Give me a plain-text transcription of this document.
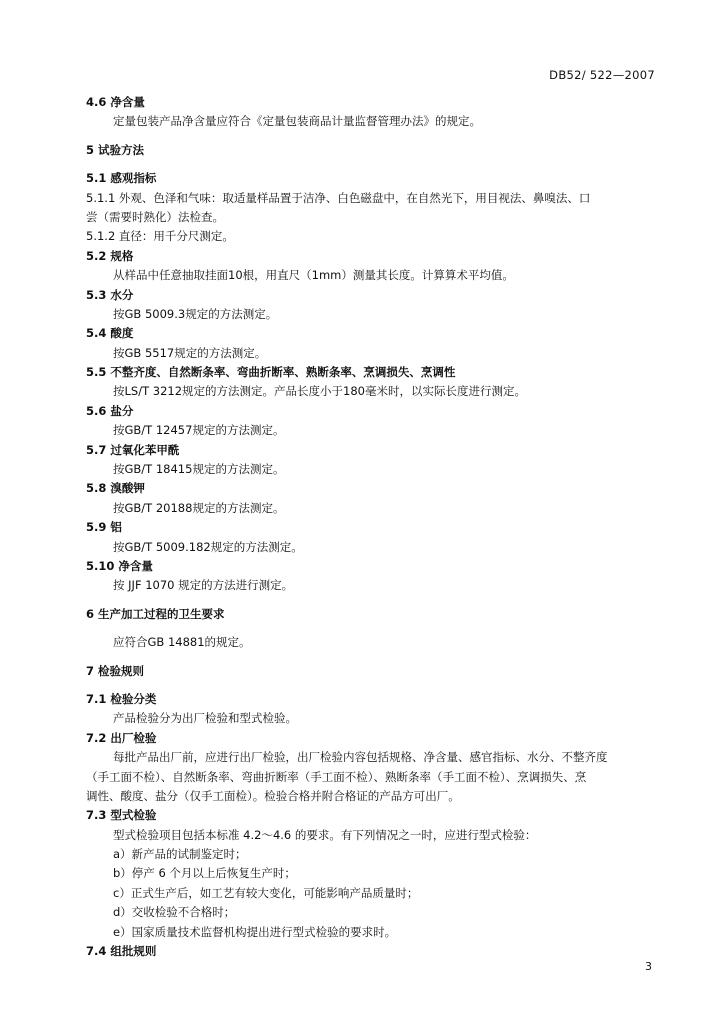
DB52/ 522—2007
4.6 净含量
定量包装产品净含量应符合《定量包装商品计量监督管理办法》的规定。
5 试验方法
5.1 感观指标
5.1.1 外观、色泽和气味：取适量样品置于洁净、白色磁盘中，在自然光下，用目视法、鼻嗅法、口
尝（需要时熟化）法检查。
5.1.2 直径：用千分尺测定。
5.2 规格
从样品中任意抽取挂面10根，用直尺（1mm）测量其长度。计算算术平均值。
5.3 水分
按GB 5009.3规定的方法测定。
5.4 酸度
按GB 5517规定的方法测定。
5.5 不整齐度、自然断条率、弯曲折断率、熟断条率、烹调损失、烹调性
按LS/T 3212规定的方法测定。产品长度小于180毫米时，以实际长度进行测定。
5.6 盐分
按GB/T 12457规定的方法测定。
5.7 过氧化苯甲酰
按GB/T 18415规定的方法测定。
5.8 溴酸钾
按GB/T 20188规定的方法测定。
5.9 铝
按GB/T 5009.182规定的方法测定。
5.10 净含量
按 JJF 1070 规定的方法进行测定。
6 生产加工过程的卫生要求
应符合GB 14881的规定。
7 检验规则
7.1 检验分类
产品检验分为出厂检验和型式检验。
7.2 出厂检验
每批产品出厂前，应进行出厂检验，出厂检验内容包括规格、净含量、感官指标、水分、不整齐度
（手工面不检）、自然断条率、弯曲折断率（手工面不检）、熟断条率（手工面不检）、烹调损失、烹
调性、酸度、盐分（仅手工面检）。检验合格并附合格证的产品方可出厂。
7.3 型式检验
型式检验项目包括本标准 4.2～4.6 的要求。有下列情况之一时，应进行型式检验：
a）新产品的试制鉴定时；
b）停产 6 个月以上后恢复生产时；
c）正式生产后，如工艺有较大变化，可能影响产品质量时；
d）交收检验不合格时；
e）国家质量技术监督机构提出进行型式检验的要求时。
7.4 组批规则
3
